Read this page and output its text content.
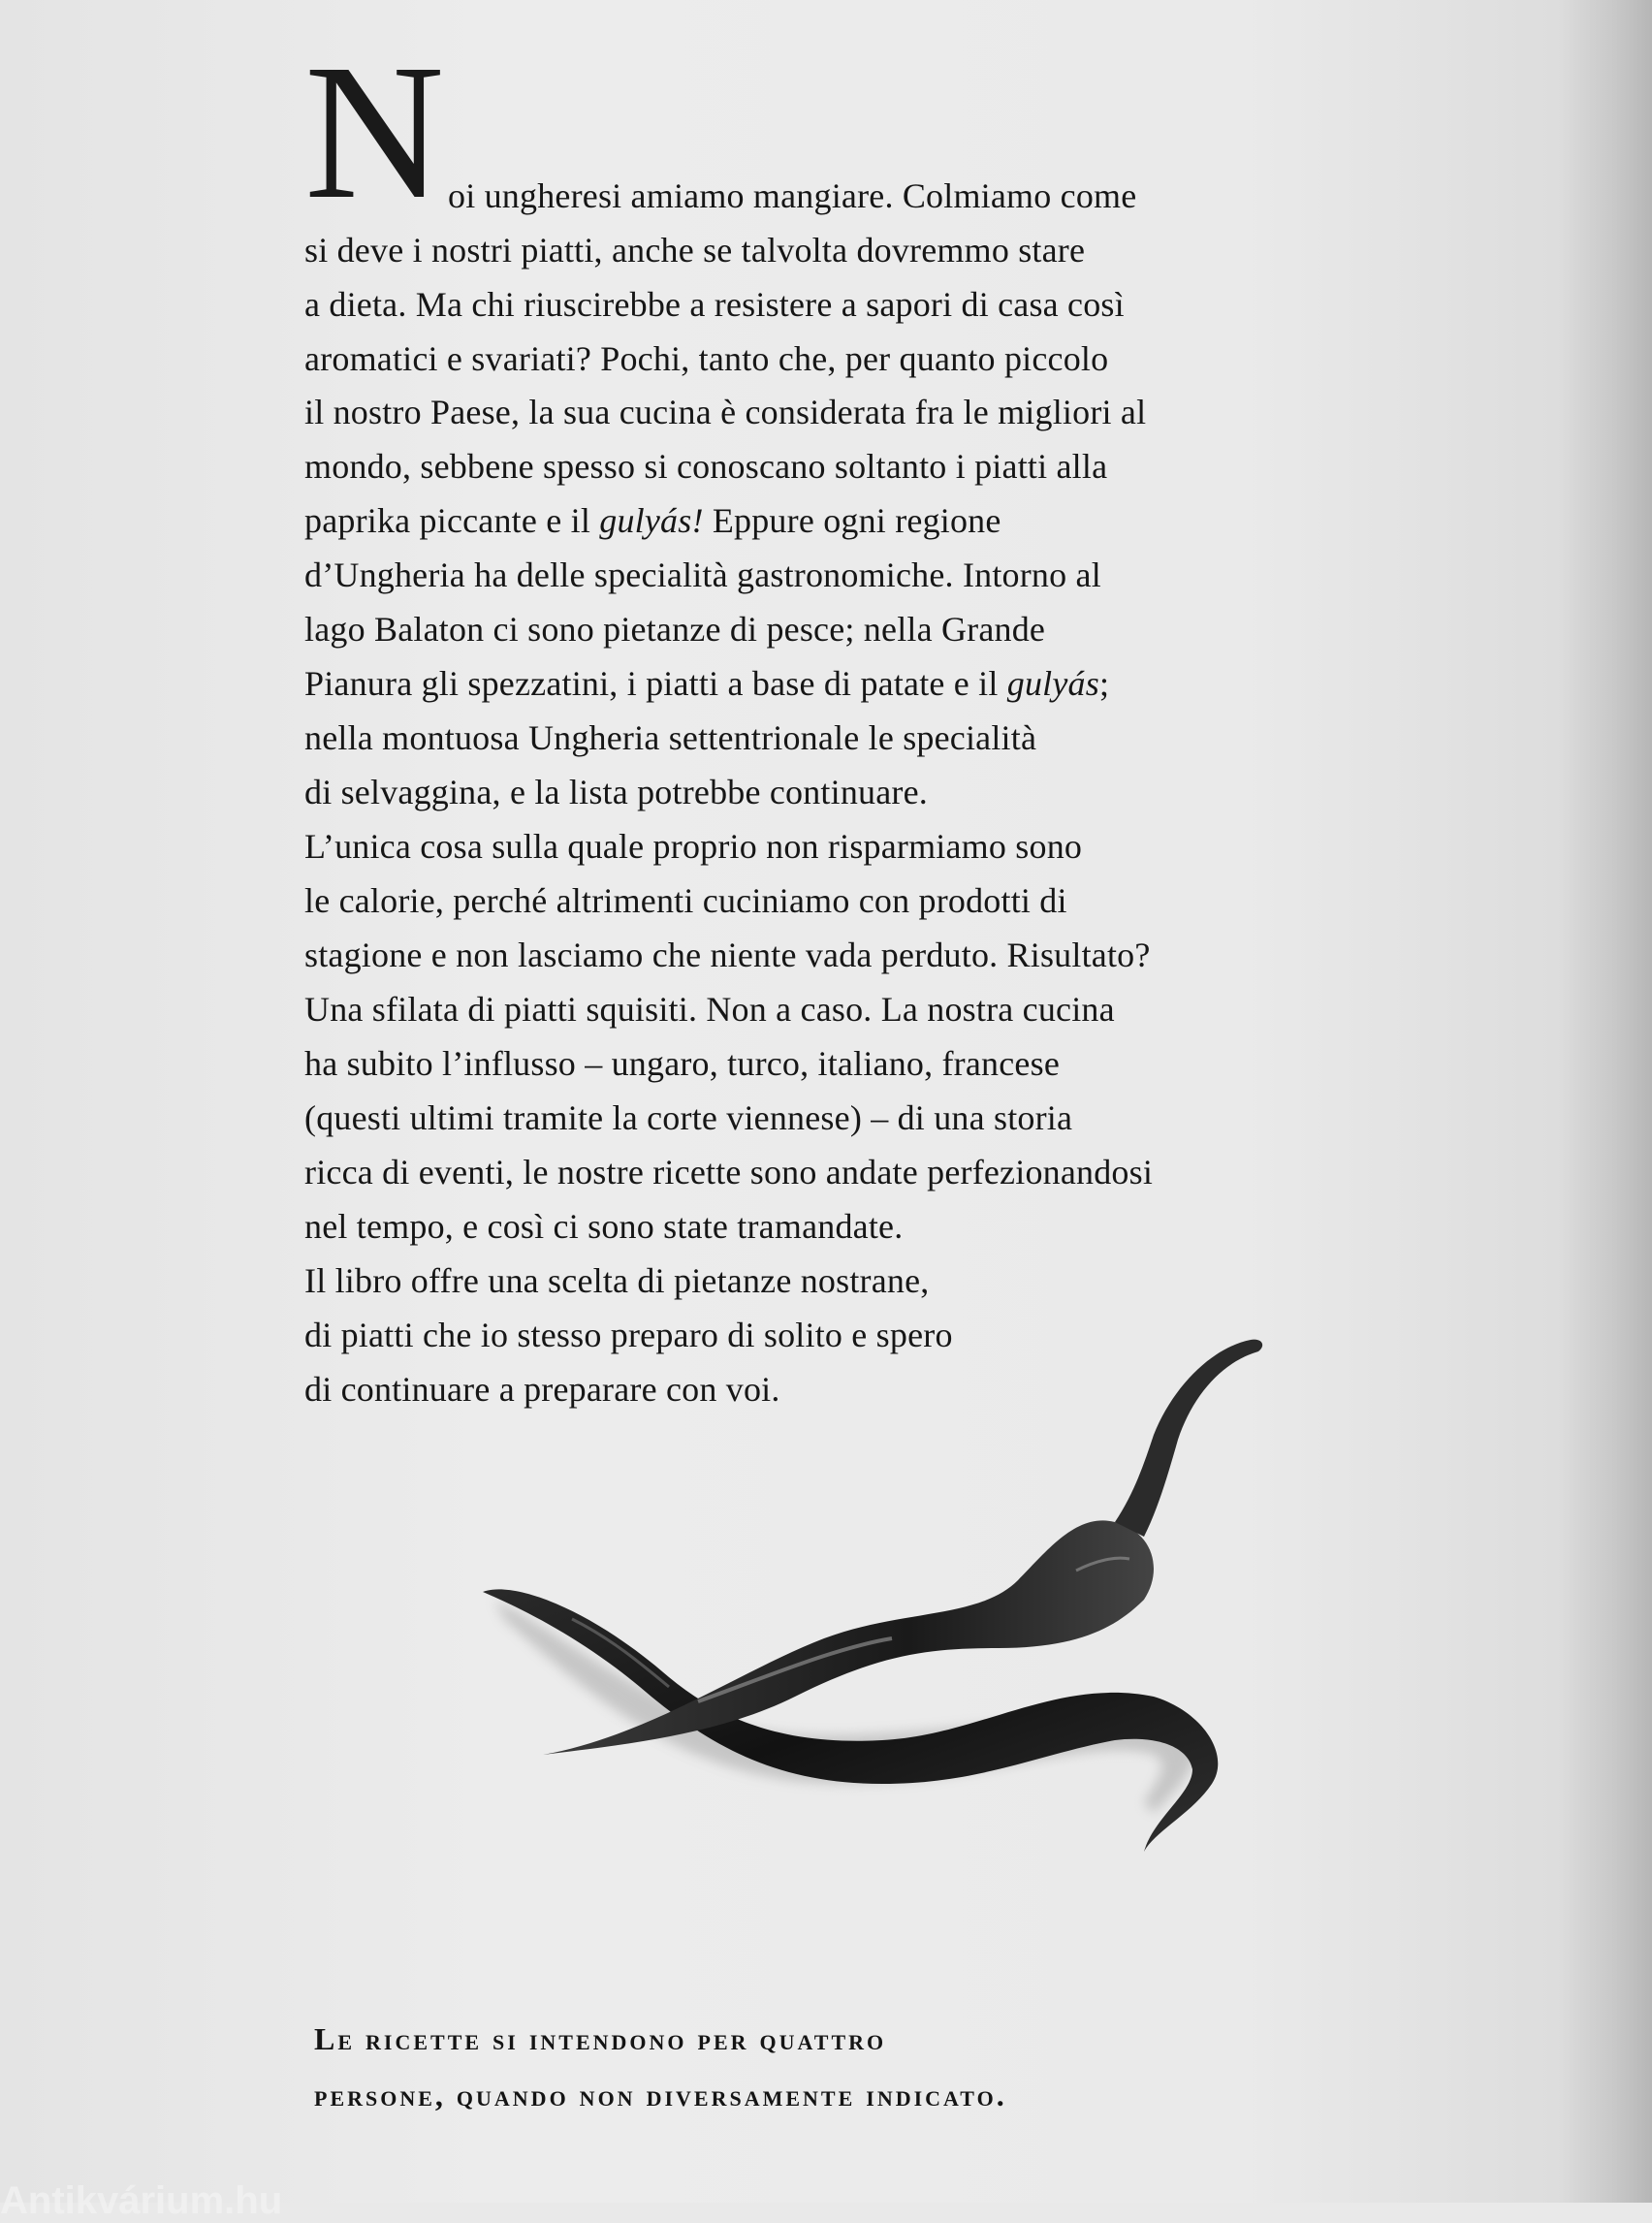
N oi ungheresi amiamo mangiare. Colmiamo come
si deve i nostri piatti, anche se talvolta dovremmo stare
a dieta. Ma chi riuscirebbe a resistere a sapori di casa così
aromatici e svariati? Pochi, tanto che, per quanto piccolo
il nostro Paese, la sua cucina è considerata fra le migliori al
mondo, sebbene spesso si conoscano soltanto i piatti alla
paprika piccante e il gulyás! Eppure ogni regione
d’Ungheria ha delle specialità gastronomiche. Intorno al
lago Balaton ci sono pietanze di pesce; nella Grande
Pianura gli spezzatini, i piatti a base di patate e il gulyás;
nella montuosa Ungheria settentrionale le specialità
di selvaggina, e la lista potrebbe continuare.
L’unica cosa sulla quale proprio non risparmiamo sono
le calorie, perché altrimenti cuciniamo con prodotti di
stagione e non lasciamo che niente vada perduto. Risultato?
Una sfilata di piatti squisiti. Non a caso. La nostra cucina
ha subito l’influsso – ungaro, turco, italiano, francese
(questi ultimi tramite la corte viennese) – di una storia
ricca di eventi, le nostre ricette sono andate perfezionandosi
nel tempo, e così ci sono state tramandate.
Il libro offre una scelta di pietanze nostrane,
di piatti che io stesso preparo di solito e spero
di continuare a preparare con voi.
Le ricette si intendono per quattro
persone, quando non diversamente indicato.
Antikvárium.hu
